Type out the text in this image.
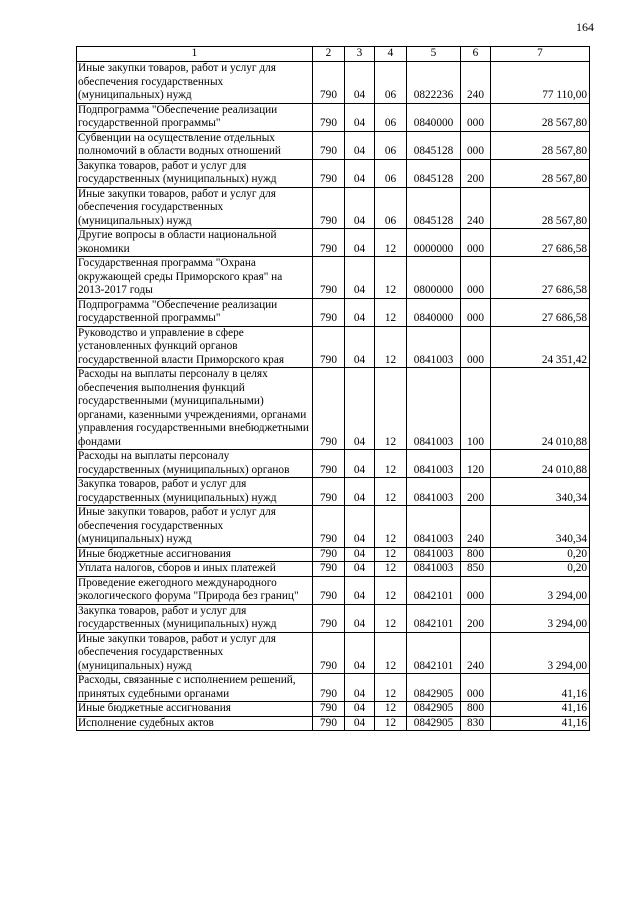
164
1	2	3	4	5	6	7
Иные закупки товаров, работ и услуг для обеспечения государственных (муниципальных) нужд	790	04	06	0822236	240	77 110,00
Подпрограмма "Обеспечение реализации государственной программы"	790	04	06	0840000	000	28 567,80
Субвенции на осуществление отдельных полномочий в области водных отношений	790	04	06	0845128	000	28 567,80
Закупка товаров, работ и услуг для государственных (муниципальных) нужд	790	04	06	0845128	200	28 567,80
Иные закупки товаров, работ и услуг для обеспечения государственных (муниципальных) нужд	790	04	06	0845128	240	28 567,80
Другие вопросы в области национальной экономики	790	04	12	0000000	000	27 686,58
Государственная программа "Охрана окружающей среды Приморского края" на 2013-2017 годы	790	04	12	0800000	000	27 686,58
Подпрограмма "Обеспечение реализации государственной программы"	790	04	12	0840000	000	27 686,58
Руководство и управление в сфере установленных функций органов государственной власти Приморского края	790	04	12	0841003	000	24 351,42
Расходы на выплаты персоналу в целях обеспечения выполнения функций государственными (муниципальными) органами, казенными учреждениями, органами управления государственными внебюджетными фондами	790	04	12	0841003	100	24 010,88
Расходы на выплаты персоналу государственных (муниципальных) органов	790	04	12	0841003	120	24 010,88
Закупка товаров, работ и услуг для государственных (муниципальных) нужд	790	04	12	0841003	200	340,34
Иные закупки товаров, работ и услуг для обеспечения государственных (муниципальных) нужд	790	04	12	0841003	240	340,34
Иные бюджетные ассигнования	790	04	12	0841003	800	0,20
Уплата налогов, сборов и иных платежей	790	04	12	0841003	850	0,20
Проведение ежегодного международного экологического форума "Природа без границ"	790	04	12	0842101	000	3 294,00
Закупка товаров, работ и услуг для государственных (муниципальных) нужд	790	04	12	0842101	200	3 294,00
Иные закупки товаров, работ и услуг для обеспечения государственных (муниципальных) нужд	790	04	12	0842101	240	3 294,00
Расходы, связанные с исполнением решений, принятых судебными органами	790	04	12	0842905	000	41,16
Иные бюджетные ассигнования	790	04	12	0842905	800	41,16
Исполнение судебных актов	790	04	12	0842905	830	41,16
